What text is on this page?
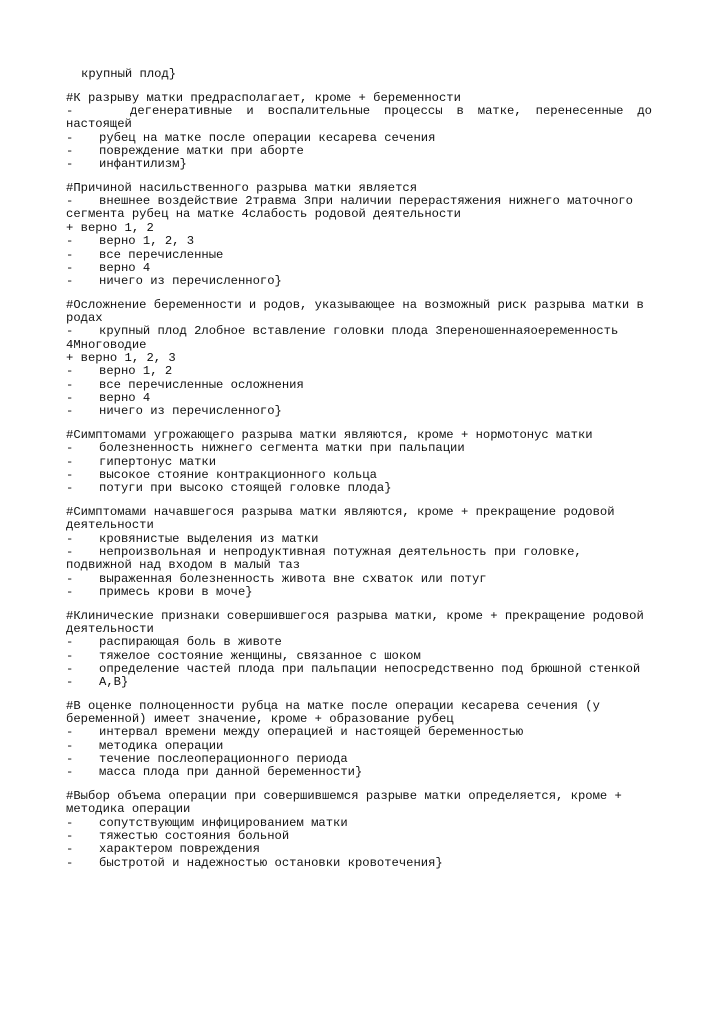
крупный плод}
#К разрыву матки предрасполагает, кроме + беременности
-	дегенеративные и воспалительные процессы в матке, перенесенные до
настоящей
- рубец на матке после операции кесарева сечения
- повреждение матки при аборте
- инфантилизм}
#Причиной насильственного разрыва матки является
- внешнее воздействие 2травма 3при наличии перерастяжения нижнего маточного
сегмента рубец на матке 4слабость родовой деятельности
+ верно 1, 2
- верно 1, 2, 3
- все перечисленные
- верно 4
- ничего из перечисленного}
#Осложнение беременности и родов, указывающее на возможный риск разрыва матки в
родах
- крупный плод 2лобное вставление головки плода 3переношеннаяоеременность
4Многоводие
+ верно 1, 2, 3
- верно 1, 2
- все перечисленные осложнения
- верно 4
- ничего из перечисленного}
#Симптомами угрожающего разрыва матки являются, кроме + нормотонус матки
- болезненность нижнего сегмента матки при пальпации
- гипертонус матки
- высокое стояние контракционного кольца
- потуги при высоко стоящей головке плода}
#Симптомами начавшегося разрыва матки являются, кроме + прекращение родовой
деятельности
- кровянистые выделения из матки
- непроизвольная и непродуктивная потужная деятельность при головке,
подвижной над входом в малый таз
- выраженная болезненность живота вне схваток или потуг
- примесь крови в моче}
#Клинические признаки совершившегося разрыва матки, кроме + прекращение родовой
деятельности
- распирающая боль в животе
- тяжелое состояние женщины, связанное с шоком
- определение частей плода при пальпации непосредственно под брюшной стенкой
- А,В}
#В оценке полноценности рубца на матке после операции кесарева сечения (у
беременной) имеет значение, кроме + образование рубец
- интервал времени между операцией и настоящей беременностью
- методика операции
- течение послеоперационного периода
- масса плода при данной беременности}
#Выбор объема операции при совершившемся разрыве матки определяется, кроме +
методика операции
- сопутствующим инфицированием матки
- тяжестью состояния больной
- характером повреждения
- быстротой и надежностью остановки кровотечения}
